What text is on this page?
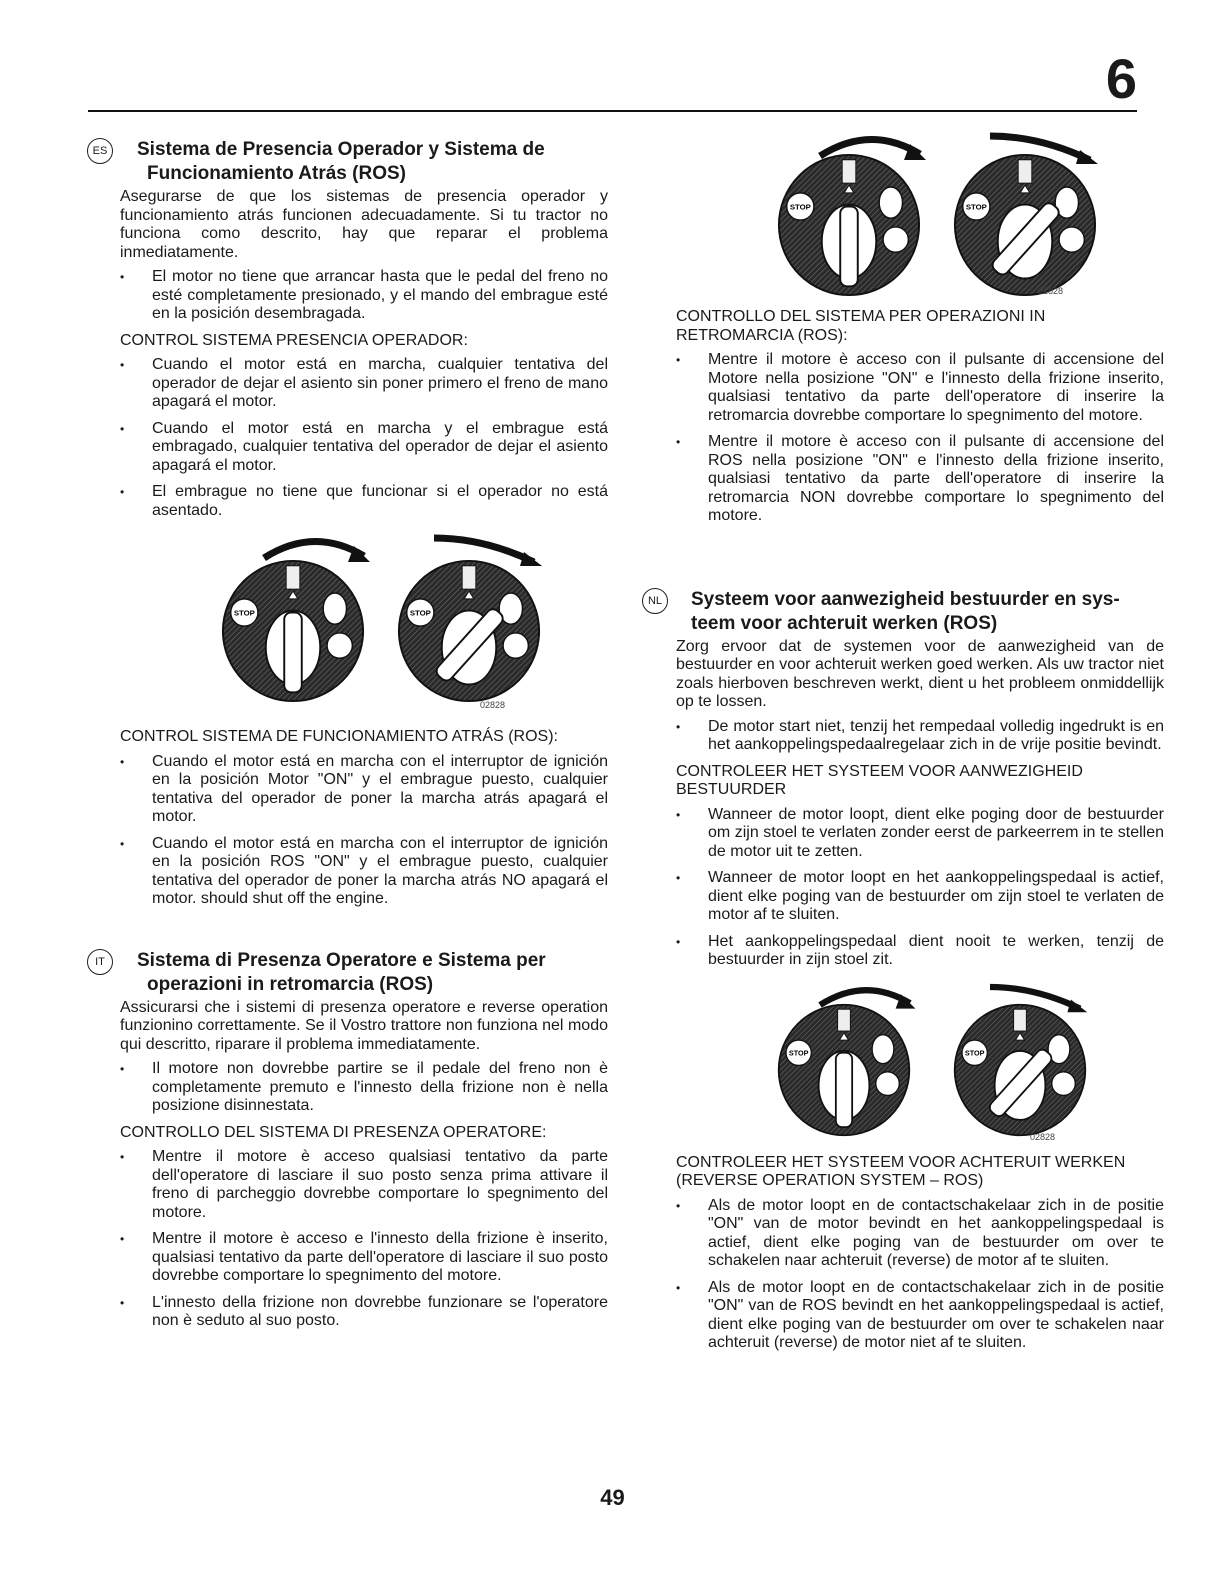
6
ES Sistema de Presencia Operador y Sistema de
Funcionamiento Atrás (ROS)

Asegurarse de que los sistemas de presencia operador y funcionamiento atrás funcionen adecuadamente. Si tu tractor no funciona como descrito, hay que reparar el problema inmediatamente.

• El motor no tiene que arrancar hasta que le pedal del freno no esté completamente presionado, y el mando del embrague esté en la posición desembragada.
CONTROL SISTEMA PRESENCIA OPERADOR:
• Cuando el motor está en marcha, cualquier tentativa del operador de dejar el asiento sin poner primero el freno de mano apagará el motor.
• Cuando el motor está en marcha y el embrague está embragado, cualquier tentativa del operador de dejar el asiento apagará el motor.
• El embrague no tiene que funcionar si el operador no está asentado.
02828
CONTROL SISTEMA DE FUNCIONAMIENTO ATRÁS (ROS):
• Cuando el motor está en marcha con el interruptor de ignición en la posición Motor "ON" y el embrague puesto, cualquier tentativa del operador de poner la marcha atrás apagará el motor.
• Cuando el motor está en marcha con el interruptor de ignición en la posición ROS "ON" y el embrague puesto, cualquier tentativa del operador de poner la marcha atrás NO apagará el motor. should shut off the engine.
IT	Sistema di Presenza Operatore e Sistema per
operazioni in retromarcia (ROS)

Assicurarsi che i sistemi di presenza operatore e reverse operation funzionino correttamente. Se il Vostro trattore non funziona nel modo qui descritto, riparare il problema immediatamente.

• Il motore non dovrebbe partire se il pedale del freno non è completamente premuto e l'innesto della frizione non è nella posizione disinnestata.
CONTROLLO DEL SISTEMA DI PRESENZA OPERATORE:
• Mentre il motore è acceso qualsiasi tentativo da parte dell'operatore di lasciare il suo posto senza prima attivare il freno di parcheggio dovrebbe comportare lo spegnimento del motore.
• Mentre il motore è acceso e l'innesto della frizione è inserito, qualsiasi tentativo da parte dell'operatore di lasciare il suo posto dovrebbe comportare lo spegnimento del motore.
• L'innesto della frizione non dovrebbe funzionare se l'operatore non è seduto al suo posto.
02828
CONTROLLO DEL SISTEMA PER OPERAZIONI IN RETROMARCIA (ROS):
• Mentre il motore è acceso con il pulsante di accensione del Motore nella posizione "ON" e l'innesto della frizione inserito, qualsiasi tentativo da parte dell'operatore di inserire la retromarcia dovrebbe comportare lo spegnimento del motore.
• Mentre il motore è acceso con il pulsante di accensione del ROS nella posizione "ON" e l'innesto della frizione inserito, qualsiasi tentativo da parte dell'operatore di inserire la retromarcia NON dovrebbe comportare lo spegnimento del motore.
NL	Systeem voor aanwezigheid bestuurder en sys-
teem voor achteruit werken (ROS)

Zorg ervoor dat de systemen voor de aanwezigheid van de bestuurder en voor achteruit werken goed werken. Als uw tractor niet zoals hierboven beschreven werkt, dient u het probleem onmiddellijk op te lossen.

• De motor start niet, tenzij het rempedaal volledig ingedrukt is en het aankoppelingspedaalregelaar zich in de vrije positie bevindt.
CONTROLEER HET SYSTEEM VOOR AANWEZIGHEID BESTUURDER
• Wanneer de motor loopt, dient elke poging door de bestuurder om zijn stoel te verlaten zonder eerst de parkeerrem in te stellen de motor uit te zetten.
• Wanneer de motor loopt en het aankoppelingspedaal is actief, dient elke poging van de bestuurder om zijn stoel te verlaten de motor af te sluiten.
• Het aankoppelingspedaal dient nooit te werken, tenzij de bestuurder in zijn stoel zit.
02828
CONTROLEER HET SYSTEEM VOOR ACHTERUIT WERKEN (REVERSE OPERATION SYSTEM – ROS)
• Als de motor loopt en de contactschakelaar zich in de positie "ON" van de motor bevindt en het aankoppelingspedaal is actief, dient elke poging van de bestuurder om over te schakelen naar achteruit (reverse) de motor af te sluiten.
• Als de motor loopt en de contactschakelaar zich in de positie "ON" van de ROS bevindt en het aankoppelingspedaal is actief, dient elke poging van de bestuurder om over te schakelen naar achteruit (reverse) de motor niet af te sluiten.
49
